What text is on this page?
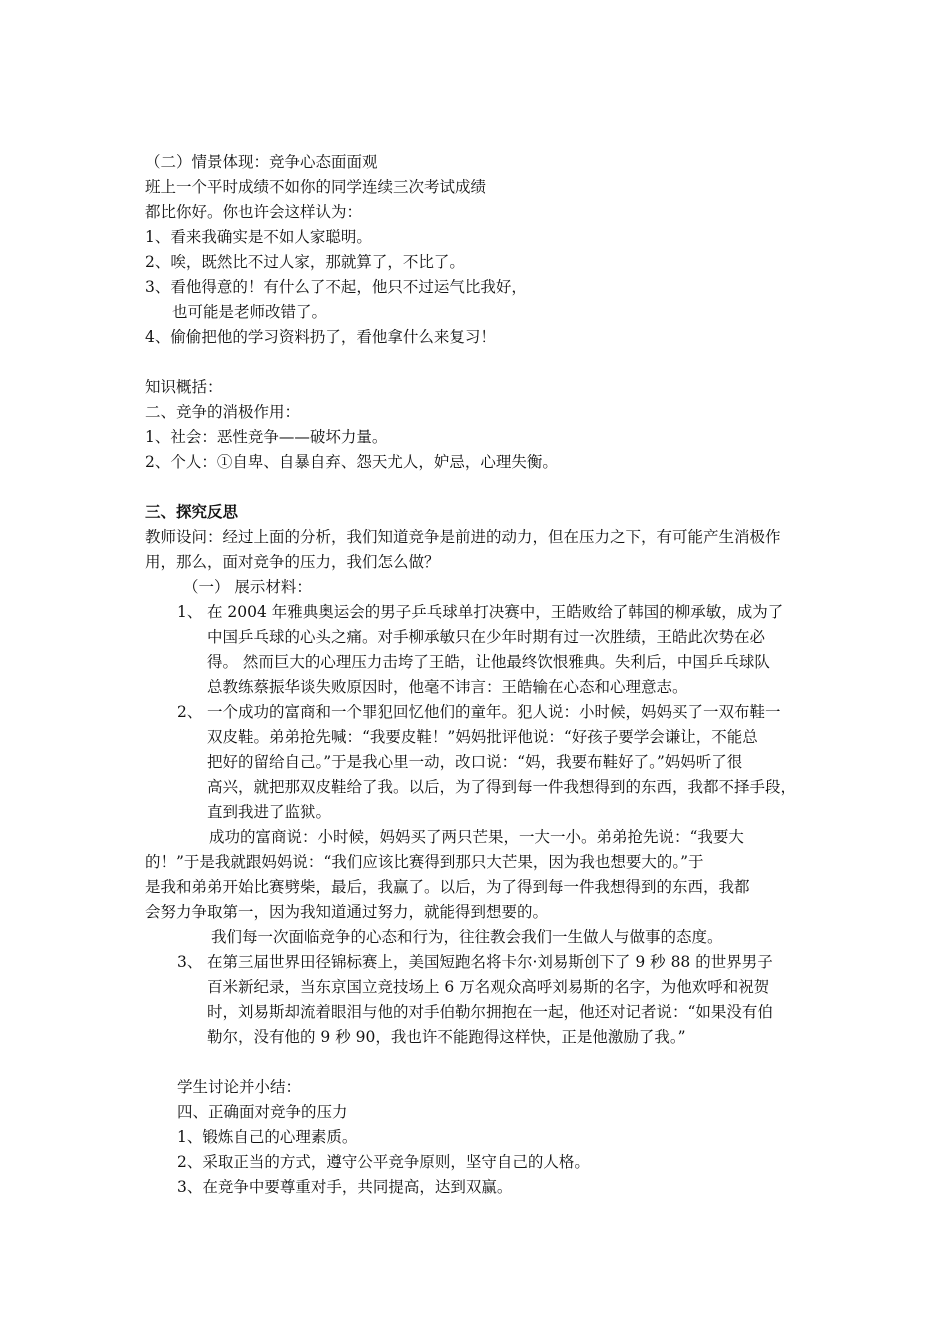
（二）情景体现：竞争心态面面观
班上一个平时成绩不如你的同学连续三次考试成绩
都比你好。你也许会这样认为：
1、看来我确实是不如人家聪明。
2、唉，既然比不过人家，那就算了，不比了。
3、看他得意的！有什么了不起，他只不过运气比我好，
也可能是老师改错了。
4、偷偷把他的学习资料扔了，看他拿什么来复习！
知识概括：
二、竞争的消极作用：
1、社会：恶性竞争——破坏力量。
2、个人：①自卑、自暴自弃、怨天尤人，妒忌，心理失衡。
三、探究反思
教师设问：经过上面的分析，我们知道竞争是前进的动力，但在压力之下，有可能产生消极作
用，那么，面对竞争的压力，我们怎么做？
（一） 展示材料：
1、 在 2004 年雅典奥运会的男子乒乓球单打决赛中，王皓败给了韩国的柳承敏，成为了
中国乒乓球的心头之痛。对手柳承敏只在少年时期有过一次胜绩，王皓此次势在必
得。 然而巨大的心理压力击垮了王皓，让他最终饮恨雅典。失利后，中国乒乓球队
总教练蔡振华谈失败原因时，他毫不讳言：王皓输在心态和心理意志。
2、 一个成功的富商和一个罪犯回忆他们的童年。犯人说：小时候，妈妈买了一双布鞋一
双皮鞋。弟弟抢先喊：“我要皮鞋！”妈妈批评他说：“好孩子要学会谦让，不能总
把好的留给自己。”于是我心里一动，改口说：“妈，我要布鞋好了。”妈妈听了很
高兴，就把那双皮鞋给了我。以后，为了得到每一件我想得到的东西，我都不择手段，
直到我进了监狱。
成功的富商说：小时候，妈妈买了两只芒果，一大一小。弟弟抢先说：“我要大
的！”于是我就跟妈妈说：“我们应该比赛得到那只大芒果，因为我也想要大的。”于
是我和弟弟开始比赛劈柴，最后，我赢了。以后，为了得到每一件我想得到的东西，我都
会努力争取第一，因为我知道通过努力，就能得到想要的。
我们每一次面临竞争的心态和行为，往往教会我们一生做人与做事的态度。
3、 在第三届世界田径锦标赛上，美国短跑名将卡尔·刘易斯创下了 9 秒 88 的世界男子
百米新纪录，当东京国立竞技场上 6 万名观众高呼刘易斯的名字，为他欢呼和祝贺
时，刘易斯却流着眼泪与他的对手伯勒尔拥抱在一起，他还对记者说：“如果没有伯
勒尔，没有他的 9 秒 90，我也许不能跑得这样快，正是他激励了我。”
学生讨论并小结：
四、正确面对竞争的压力
1、锻炼自己的心理素质。
2、采取正当的方式，遵守公平竞争原则，坚守自己的人格。
3、在竞争中要尊重对手，共同提高，达到双赢。
